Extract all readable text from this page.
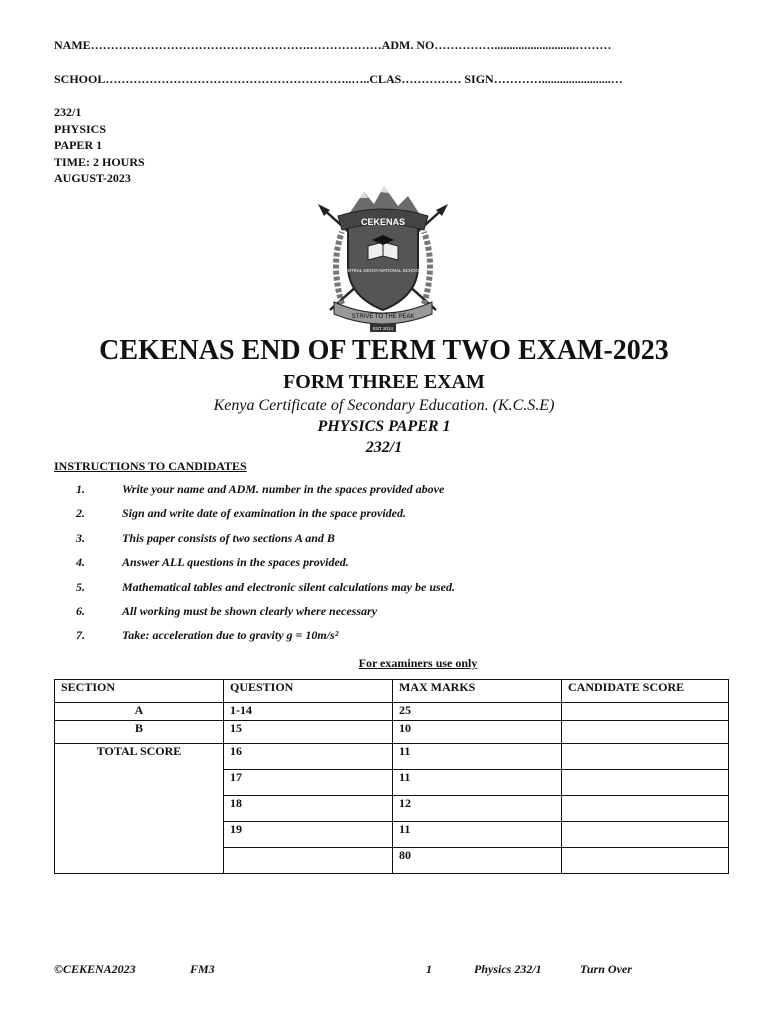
NAME……………………………………………….………………ADM. NO……………...........................………
SCHOOL……………………………………………………..…..CLAS…………… SIGN………….......................…
232/1
PHYSICS
PAPER 1
TIME: 2 HOURS
AUGUST-2023
CEKENAS
CENTRAL KENYA NATIONAL SCHOOLS
STRIVE TO THE PEAK
EST 2014
CEKENAS END OF TERM TWO EXAM-2023
FORM THREE EXAM
Kenya Certificate of Secondary Education. (K.C.S.E)
PHYSICS PAPER 1
232/1
INSTRUCTIONS TO CANDIDATES
1.	Write your name and ADM. number in the spaces provided above
2.	Sign and write date of examination in the space provided.
3.	This paper consists of two sections A and B
4.	Answer ALL questions in the spaces provided.
5.	Mathematical tables and electronic silent calculations may be used.
6.	All working must be shown clearly where necessary
7.	Take: acceleration due to gravity g = 10m/s²
For examiners use only
SECTION	QUESTION	MAX MARKS	CANDIDATE SCORE
A	1-14	25	
B	15	10	
TOTAL SCORE	16	11	
	17	11	
	18	12	
	19	11	
		80	
©CEKENA2023	FM3	1	Physics 232/1	Turn Over
